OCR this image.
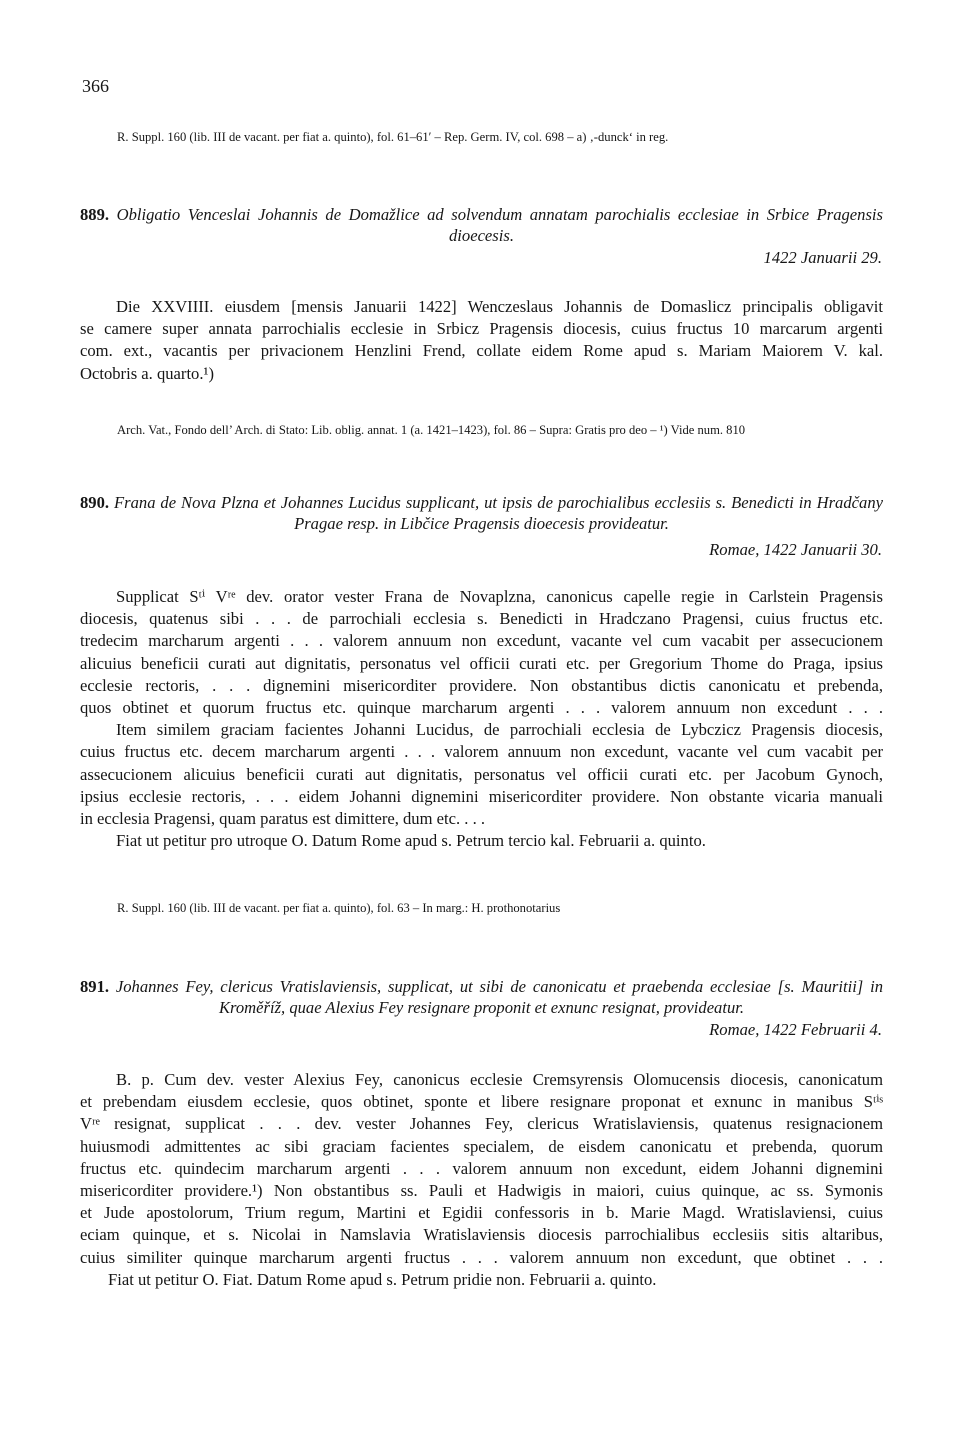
366
R. Suppl. 160 (lib. III de vacant. per fiat a. quinto), fol. 61–61′ – Rep. Germ. IV, col. 698 – a) ‚-dunck‘ in reg.
889. Obligatio Venceslai Johannis de Domažlice ad solvendum annatam parochialis ecclesiae in Srbice Pragensis dioecesis.
1422 Januarii 29.
Die XXVIIII. eiusdem [mensis Januarii 1422] Wenczeslaus Johannis de Domaslicz principalis obligavit
se camere super annata parrochialis ecclesie in Srbicz Pragensis diocesis, cuius fructus 10 marcarum argenti
com. ext., vacantis per privacionem Henzlini Frend, collate eidem Rome apud s. Mariam Maiorem V. kal.
Octobris a. quarto.¹)
Arch. Vat., Fondo dell’ Arch. di Stato: Lib. oblig. annat. 1 (a. 1421–1423), fol. 86 – Supra: Gratis pro deo – ¹) Vide num. 810
890. Frana de Nova Plzna et Johannes Lucidus supplicant, ut ipsis de parochialibus ecclesiis s. Benedicti in Hradčany Pragae resp. in Libčice Pragensis dioecesis provideatur.
Romae, 1422 Januarii 30.
Supplicat Sᵗⁱ Vʳᵉ dev. orator vester Frana de Novaplzna, canonicus capelle regie in Carlstein Pragensis
diocesis, quatenus sibi . . . de parrochiali ecclesia s. Benedicti in Hradczano Pragensi, cuius fructus etc.
tredecim marcharum argenti . . . valorem annuum non excedunt, vacante vel cum vacabit per assecucionem
alicuius beneficii curati aut dignitatis, personatus vel officii curati etc. per Gregorium Thome do Praga, ipsius
ecclesie rectoris, . . . dignemini misericorditer providere. Non obstantibus dictis canonicatu et prebenda,
quos obtinet et quorum fructus etc. quinque marcharum argenti . . . valorem annuum non excedunt . . .
Item similem graciam facientes Johanni Lucidus, de parrochiali ecclesia de Lybczicz Pragensis diocesis,
cuius fructus etc. decem marcharum argenti . . . valorem annuum non excedunt, vacante vel cum vacabit per
assecucionem alicuius beneficii curati aut dignitatis, personatus vel officii curati etc. per Jacobum Gynoch,
ipsius ecclesie rectoris, . . . eidem Johanni dignemini misericorditer providere. Non obstante vicaria manuali
in ecclesia Pragensi, quam paratus est dimittere, dum etc. . . .
Fiat ut petitur pro utroque O. Datum Rome apud s. Petrum tercio kal. Februarii a. quinto.
R. Suppl. 160 (lib. III de vacant. per fiat a. quinto), fol. 63 – In marg.: H. prothonotarius
891. Johannes Fey, clericus Vratislaviensis, supplicat, ut sibi de canonicatu et praebenda ecclesiae [s. Mauritii] in Kroměříž, quae Alexius Fey resignare proponit et exnunc resignat, provideatur.
Romae, 1422 Februarii 4.
B. p. Cum dev. vester Alexius Fey, canonicus ecclesie Cremsyrensis Olomucensis diocesis, canonicatum
et prebendam eiusdem ecclesie, quos obtinet, sponte et libere resignare proponat et exnunc in manibus Sᵗⁱˢ
Vʳᵉ resignat, supplicat . . . dev. vester Johannes Fey, clericus Wratislaviensis, quatenus resignacionem
huiusmodi admittentes ac sibi graciam facientes specialem, de eisdem canonicatu et prebenda, quorum
fructus etc. quindecim marcharum argenti . . . valorem annuum non excedunt, eidem Johanni dignemini
misericorditer providere.¹) Non obstantibus ss. Pauli et Hadwigis in maiori, cuius quinque, ac ss. Symonis
et Jude apostolorum, Trium regum, Martini et Egidii confessoris in b. Marie Magd. Wratislaviensi, cuius
eciam quinque, et s. Nicolai in Namslavia Wratislaviensis diocesis parrochialibus ecclesiis sitis altaribus,
cuius similiter quinque marcharum argenti fructus . . . valorem annuum non excedunt, que obtinet . . .
Fiat ut petitur O. Fiat. Datum Rome apud s. Petrum pridie non. Februarii a. quinto.
